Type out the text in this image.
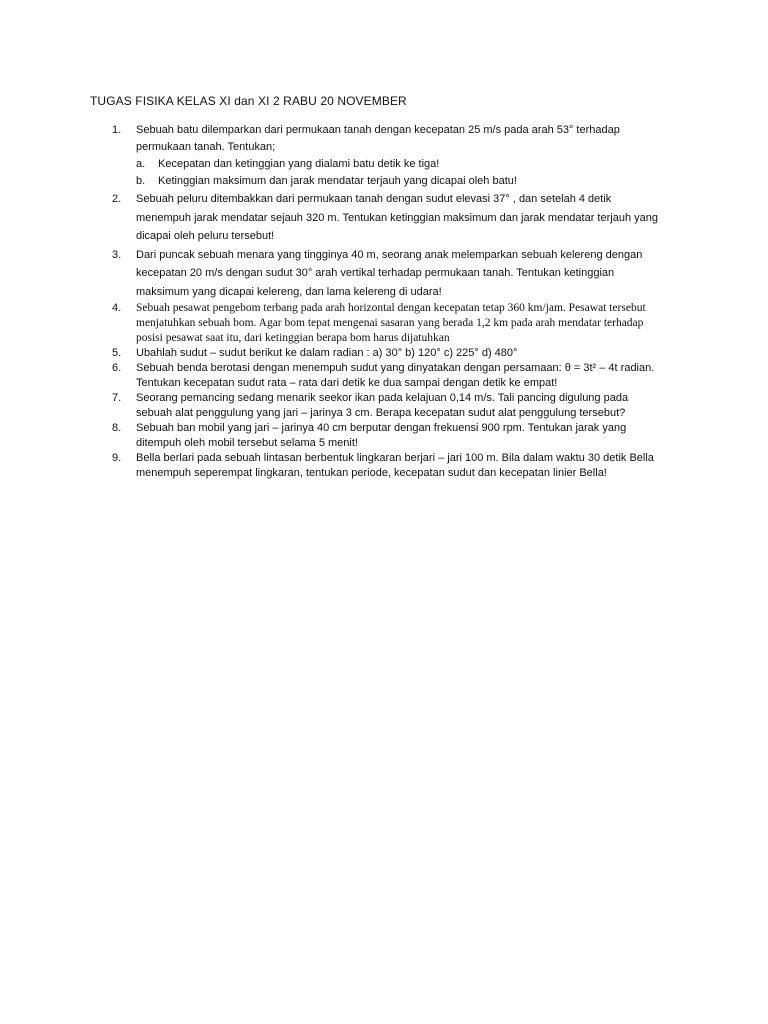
TUGAS FISIKA KELAS XI dan XI 2 RABU 20 NOVEMBER
1. Sebuah batu dilemparkan dari permukaan tanah dengan kecepatan 25 m/s pada arah 53° terhadap permukaan tanah. Tentukan;
a. Kecepatan dan ketinggian yang dialami batu detik ke tiga!
b. Ketinggian maksimum dan jarak mendatar terjauh yang dicapai oleh batu!
2. Sebuah peluru ditembakkan dari permukaan tanah dengan sudut elevasi 37° , dan setelah 4 detik menempuh jarak mendatar sejauh 320 m. Tentukan ketinggian maksimum dan jarak mendatar terjauh yang dicapai oleh peluru tersebut!
3. Dari puncak sebuah menara yang tingginya 40 m, seorang anak melemparkan sebuah kelereng dengan kecepatan 20 m/s dengan sudut 30° arah vertikal terhadap permukaan tanah. Tentukan ketinggian maksimum yang dicapai kelereng, dan lama kelereng di udara!
4. Sebuah pesawat pengebom terbang pada arah horizontal dengan kecepatan tetap 360 km/jam. Pesawat tersebut menjatuhkan sebuah bom. Agar bom tepat mengenai sasaran yang berada 1,2 km pada arah mendatar terhadap posisi pesawat saat itu, dari ketinggian berapa bom harus dijatuhkan
5. Ubahlah sudut – sudut berikut ke dalam radian : a) 30° b) 120° c) 225° d) 480°
6. Sebuah benda berotasi dengan menempuh sudut yang dinyatakan dengan persamaan: θ = 3t² – 4t radian. Tentukan kecepatan sudut rata – rata dari detik ke dua sampai dengan detik ke empat!
7. Seorang pemancing sedang menarik seekor ikan pada kelajuan 0,14 m/s. Tali pancing digulung pada sebuah alat penggulung yang jari – jarinya 3 cm. Berapa kecepatan sudut alat penggulung tersebut?
8. Sebuah ban mobil yang jari – jarinya 40 cm berputar dengan frekuensi 900 rpm. Tentukan jarak yang ditempuh oleh mobil tersebut selama 5 menit!
9. Bella berlari pada sebuah lintasan berbentuk lingkaran berjari – jari 100 m. Bila dalam waktu 30 detik Bella menempuh seperempat lingkaran, tentukan periode, kecepatan sudut dan kecepatan linier Bella!
